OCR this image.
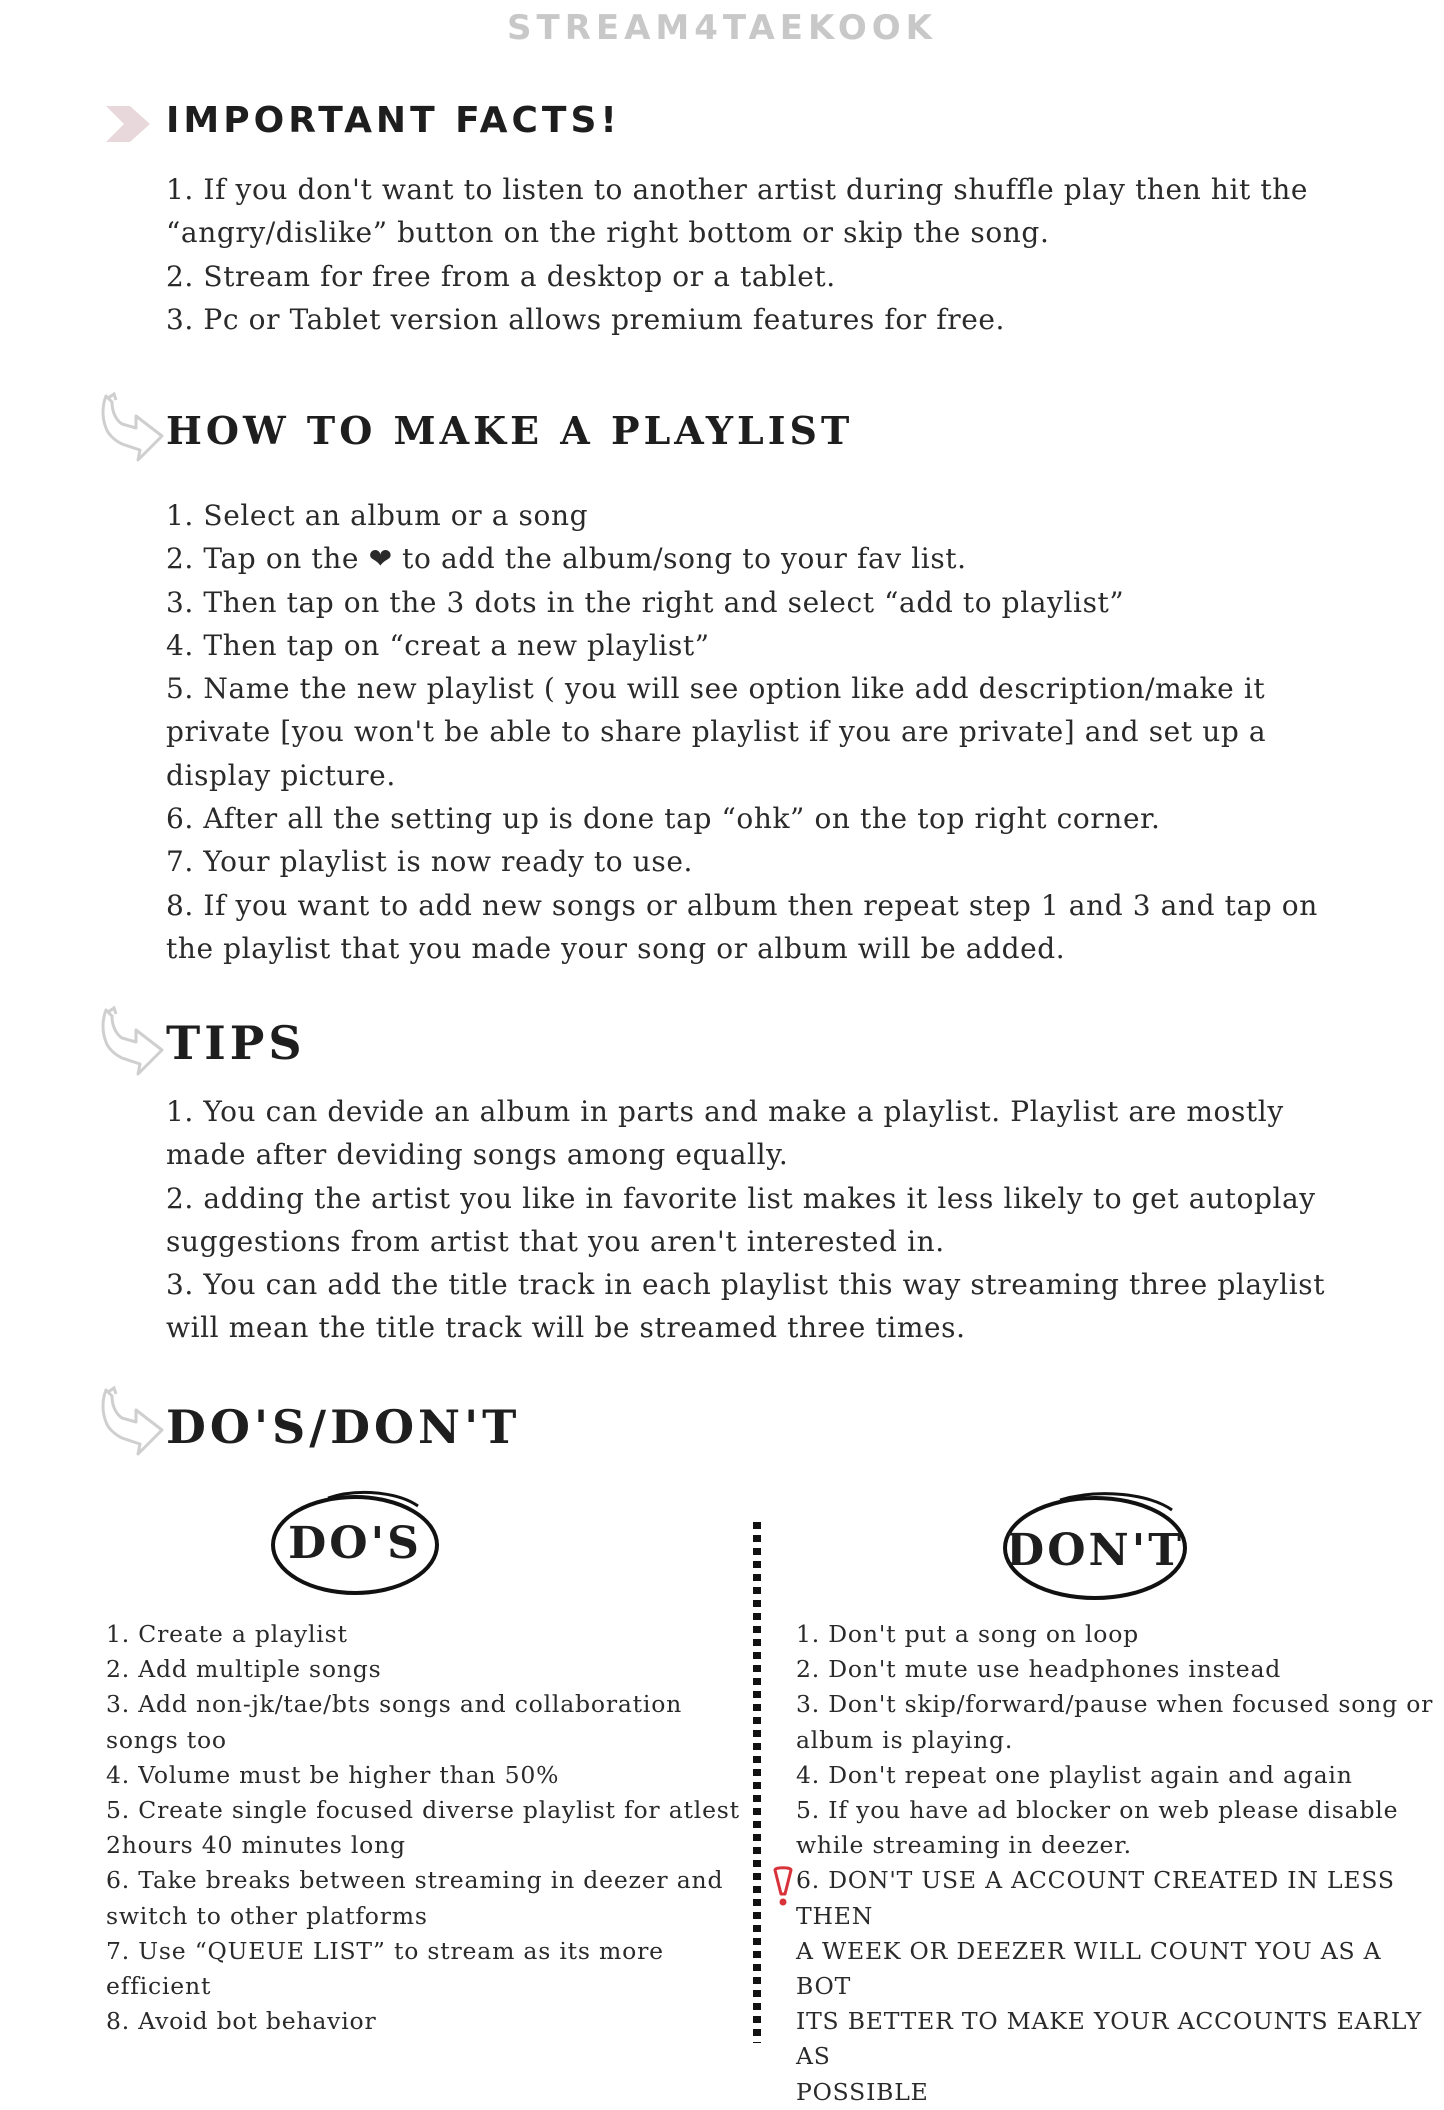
STREAM4TAEKOOK
IMPORTANT FACTS!
1. If you don't want to listen to another artist during shuffle play then hit the
“angry/dislike” button on the right bottom or skip the song.
2. Stream for free from a desktop or a tablet.
3. Pc or Tablet version allows premium features for free.
HOW TO MAKE A PLAYLIST
1. Select an album or a song
2. Tap on the ❤ to add the album/song to your fav list.
3. Then tap on the 3 dots in the right and select “add to playlist”
4. Then tap on “creat a new playlist”
5. Name the new playlist ( you will see option like add description/make it
private [you won't be able to share playlist if you are private] and set up a
display picture.
6. After all the setting up is done tap “ohk” on the top right corner.
7. Your playlist is now ready to use.
8. If you want to add new songs or album then repeat step 1 and 3 and tap on
the playlist that you made your song or album will be added.
TIPS
1. You can devide an album in parts and make a playlist. Playlist are mostly
made after deviding songs among equally.
2. adding the artist you like in favorite list makes it less likely to get autoplay
suggestions from artist that you aren't interested in.
3. You can add the title track in each playlist this way streaming three playlist
will mean the title track will be streamed three times.
DO'S/DON'T
DO'S	DON'T
1. Create a playlist
2. Add multiple songs
3. Add non-jk/tae/bts songs and collaboration
songs too
4. Volume must be higher than 50%
5. Create single focused diverse playlist for atlest
2hours 40 minutes long
6. Take breaks between streaming in deezer and
switch to other platforms
7. Use “QUEUE LIST” to stream as its more efficient
8. Avoid bot behavior
1. Don't put a song on loop
2. Don't mute use headphones instead
3. Don't skip/forward/pause when focused song or
album is playing.
4. Don't repeat one playlist again and again
5. If you have ad blocker on web please disable
while streaming in deezer.
6. DON'T USE A ACCOUNT CREATED IN LESS THEN
A WEEK OR DEEZER WILL COUNT YOU AS A BOT
ITS BETTER TO MAKE YOUR ACCOUNTS EARLY AS
POSSIBLE
